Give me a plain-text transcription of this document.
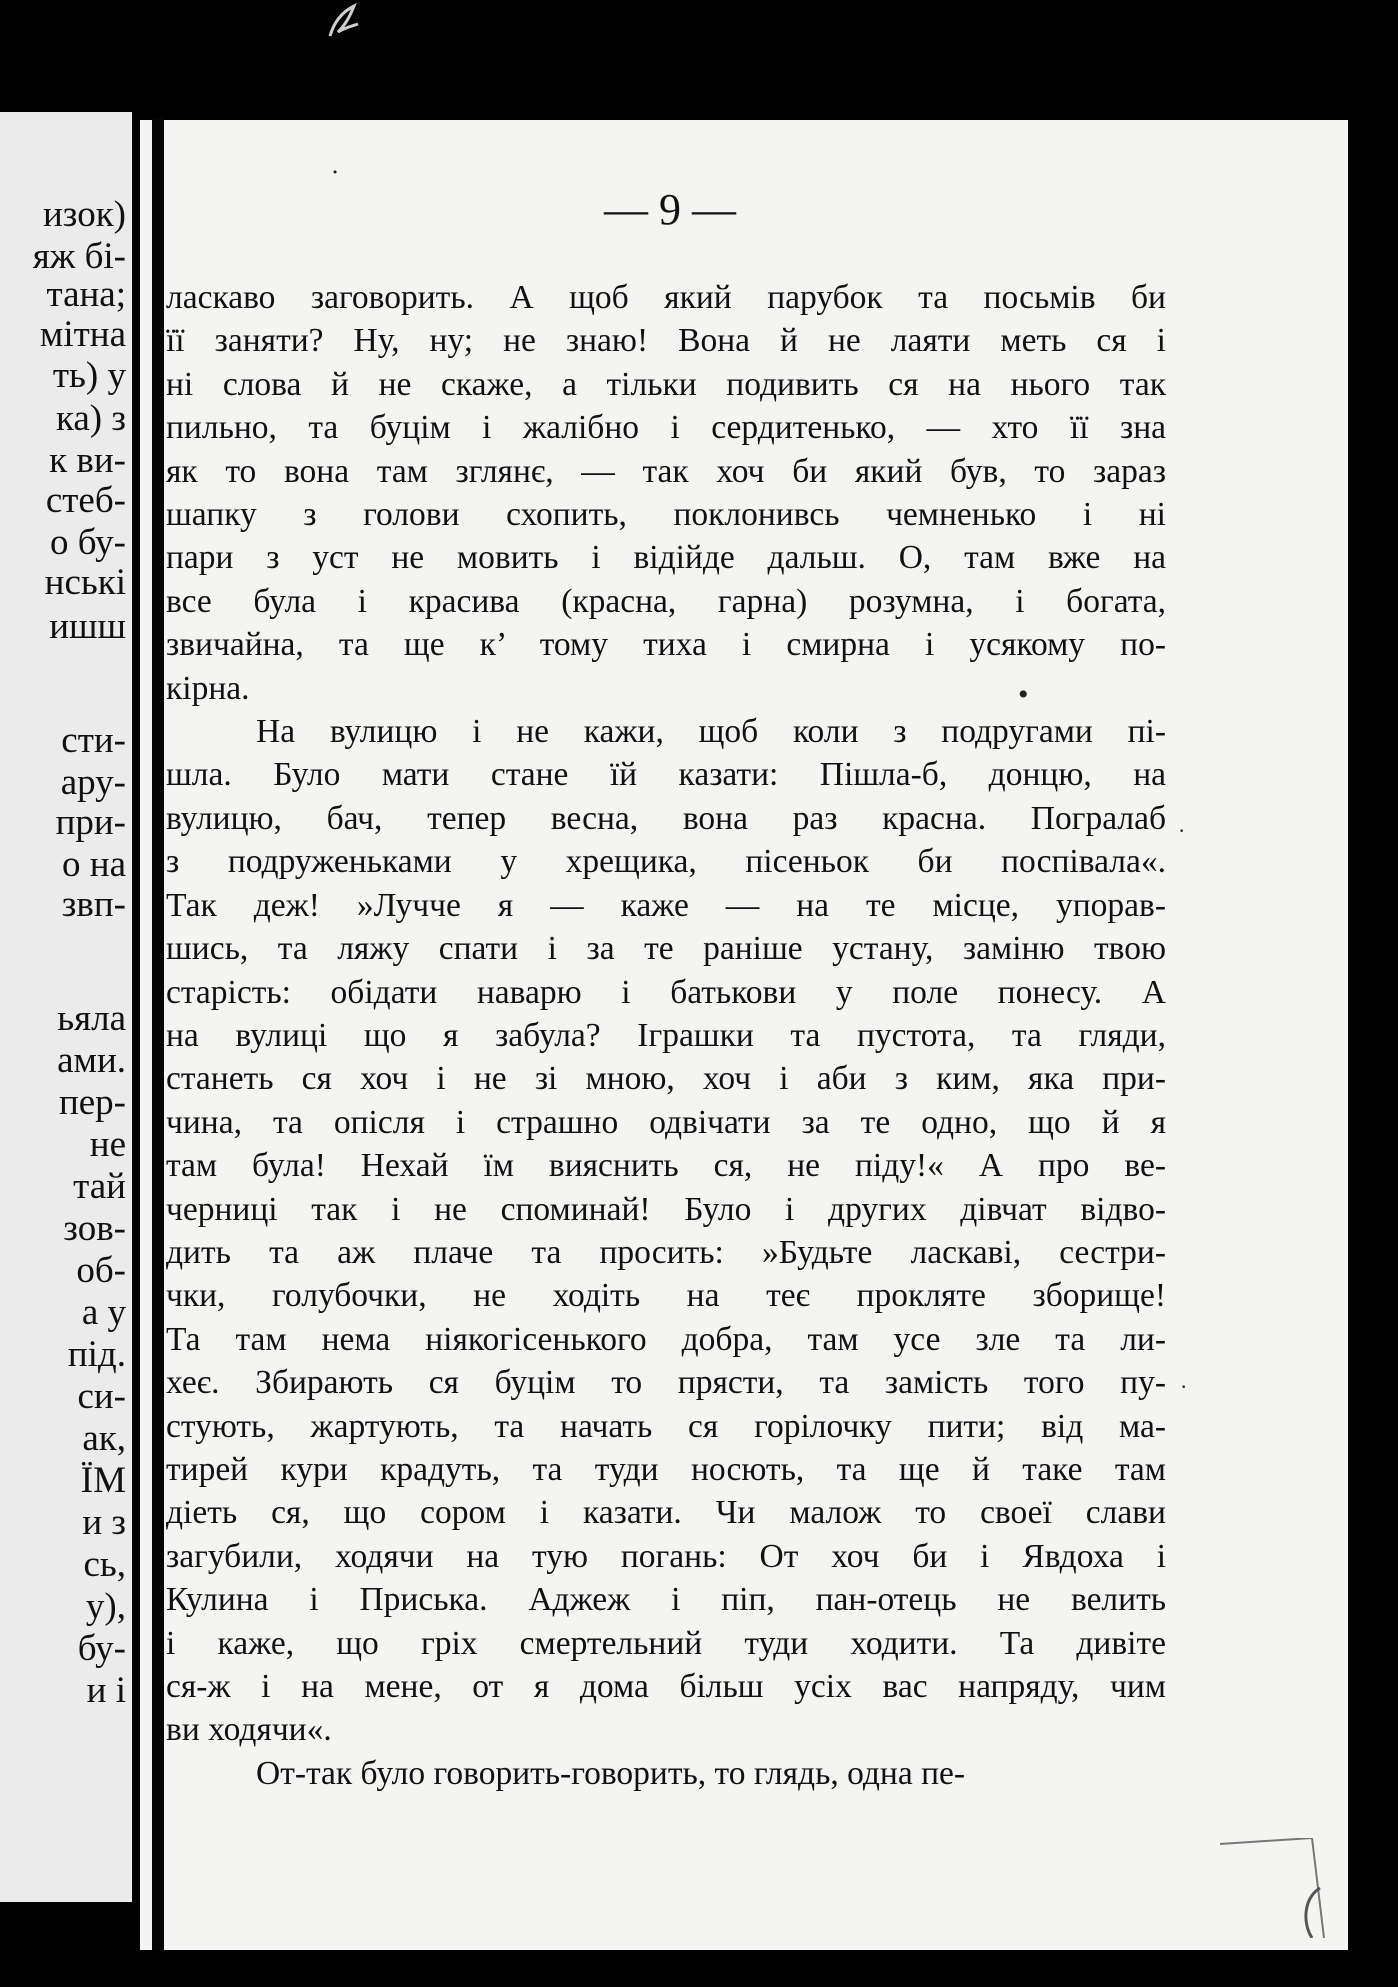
изок)
яж бі-
тана;
мітна
ть) у
ка) з
к ви-
стеб-
о бу-
нські
ишш
сти-
ару-
при-
о на
звп-
ьяла
ами.
пер-
не
тай
зов-
об-
а у
під.
си-
ак,
ЇМ
и з
сь,
у),
бу-
и і
— 9 —
˙
•
·
·
ласкаво заговорить. А щоб який парубок та посьмів би
її заняти? Ну, ну; не знаю! Вона й не лаяти меть ся і
ні слова й не скаже, а тільки подивить ся на нього так
пильно, та буцім і жалібно і сердитенько, — хто її зна
як то вона там зглянє, — так хоч би який був, то зараз
шапку з голови схопить, поклонивсь чемненько і ні
пари з уст не мовить і відійде дальш. О, там вже на
все була і красива (красна, гарна) розумна, і богата,
звичайна, та ще к’ тому тиха і смирна і усякому по-
кірна.
На вулицю і не кажи, щоб коли з подругами пі-
шла. Було мати стане їй казати: Пішла-б, донцю, на
вулицю, бач, тепер весна, вона раз красна. Погралаб
з подруженьками у хрещика, пісеньок би поспівала«.
Так деж! »Лучче я — каже — на те місце, упорав-
шись, та ляжу спати і за те раніше устану, заміню твою
старість: обідати наварю і батькови у поле понесу. А
на вулиці що я забула? Іграшки та пустота, та гляди,
станеть ся хоч і не зі мною, хоч і аби з ким, яка при-
чина, та опісля і страшно одвічати за те одно, що й я
там була! Нехай їм вияснить ся, не піду!« А про ве-
черниці так і не споминай! Було і других дівчат відво-
дить та аж плаче та просить: »Будьте ласкаві, сестри-
чки, голубочки, не ходіть на теє прокляте зборище!
Та там нема ніякогісенького добра, там усе зле та ли-
хеє. Збирають ся буцім то прясти, та замість того пу-
стують, жартують, та начать ся горілочку пити; від ма-
тирей кури крадуть, та туди носють, та ще й таке там
діеть ся, що сором і казати. Чи малож то своеї слави
загубили, ходячи на тую погань: От хоч би і Явдоха і
Кулина і Приська. Аджеж і піп, пан-отець не велить
і каже, що гріх смертельний туди ходити. Та дивіте
ся-ж і на мене, от я дома більш усіх вас напряду, чим
ви ходячи«.
От-так було говорить-говорить, то глядь, одна пе-
